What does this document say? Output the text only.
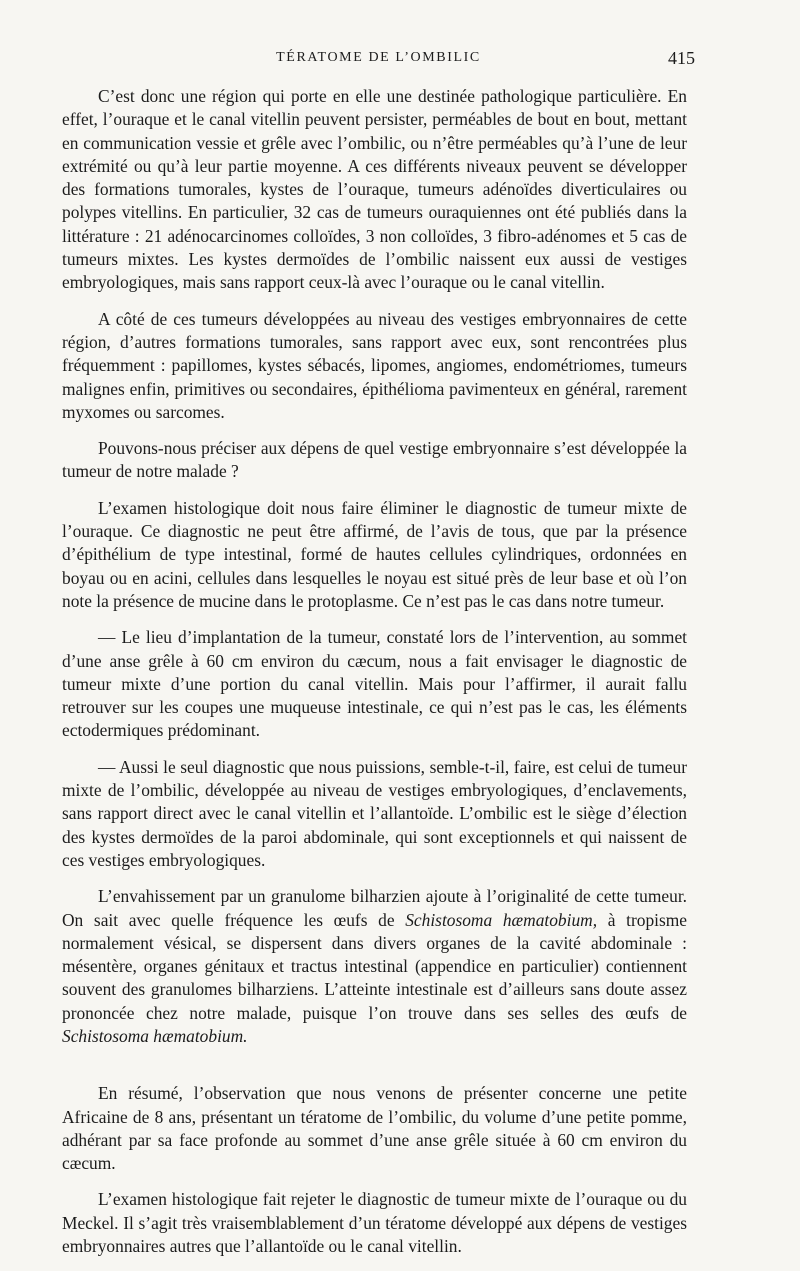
TÉRATOME DE L’OMBILIC	415

C’est donc une région qui porte en elle une destinée pathologique particulière. En effet, l’ouraque et le canal vitellin peuvent persister, perméables de bout en bout, mettant en communication vessie et grêle avec l’ombilic, ou n’être perméables qu’à l’une de leur extrémité ou qu’à leur partie moyenne. A ces différents niveaux peuvent se développer des formations tumorales, kystes de l’ouraque, tumeurs adénoïdes diverticulaires ou polypes vitellins. En particulier, 32 cas de tumeurs ouraquiennes ont été publiés dans la littérature : 21 adénocarcinomes colloïdes, 3 non colloïdes, 3 fibro-adénomes et 5 cas de tumeurs mixtes. Les kystes dermoïdes de l’ombilic naissent eux aussi de vestiges embryologiques, mais sans rapport ceux-là avec l’ouraque ou le canal vitellin.

A côté de ces tumeurs développées au niveau des vestiges embryonnaires de cette région, d’autres formations tumorales, sans rapport avec eux, sont rencontrées plus fréquemment : papillomes, kystes sébacés, lipomes, angiomes, endométriomes, tumeurs malignes enfin, primitives ou secondaires, épithélioma pavimenteux en général, rarement myxomes ou sarcomes.

Pouvons-nous préciser aux dépens de quel vestige embryonnaire s’est développée la tumeur de notre malade ?

L’examen histologique doit nous faire éliminer le diagnostic de tumeur mixte de l’ouraque. Ce diagnostic ne peut être affirmé, de l’avis de tous, que par la présence d’épithélium de type intestinal, formé de hautes cellules cylindriques, ordonnées en boyau ou en acini, cellules dans lesquelles le noyau est situé près de leur base et où l’on note la présence de mucine dans le protoplasme. Ce n’est pas le cas dans notre tumeur.

— Le lieu d’implantation de la tumeur, constaté lors de l’intervention, au sommet d’une anse grêle à 60 cm environ du cæcum, nous a fait envisager le diagnostic de tumeur mixte d’une portion du canal vitellin. Mais pour l’affirmer, il aurait fallu retrouver sur les coupes une muqueuse intestinale, ce qui n’est pas le cas, les éléments ectodermiques prédominant.

— Aussi le seul diagnostic que nous puissions, semble-t-il, faire, est celui de tumeur mixte de l’ombilic, développée au niveau de vestiges embryologiques, d’enclavements, sans rapport direct avec le canal vitellin et l’allantoïde. L’ombilic est le siège d’élection des kystes dermoïdes de la paroi abdominale, qui sont exceptionnels et qui naissent de ces vestiges embryologiques.

L’envahissement par un granulome bilharzien ajoute à l’originalité de cette tumeur. On sait avec quelle fréquence les œufs de Schistosoma hæmatobium, à tropisme normalement vésical, se dispersent dans divers organes de la cavité abdominale : mésentère, organes génitaux et tractus intestinal (appendice en particulier) contiennent souvent des granulomes bilharziens. L’atteinte intestinale est d’ailleurs sans doute assez prononcée chez notre malade, puisque l’on trouve dans ses selles des œufs de Schistosoma hæmatobium.

En résumé, l’observation que nous venons de présenter concerne une petite Africaine de 8 ans, présentant un tératome de l’ombilic, du volume d’une petite pomme, adhérant par sa face profonde au sommet d’une anse grêle située à 60 cm environ du cæcum.

L’examen histologique fait rejeter le diagnostic de tumeur mixte de l’ouraque ou du Meckel. Il s’agit très vraisemblablement d’un tératome développé aux dépens de vestiges embryonnaires autres que l’allantoïde ou le canal vitellin.
